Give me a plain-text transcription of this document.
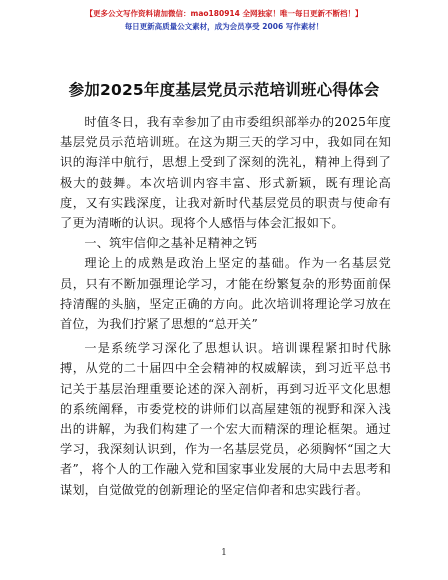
【更多公文写作资料请加微信：mao180914 全网独家！唯一每日更新不断档！】
每日更新高质量公文素材，成为会员享受 2006 写作素材！
参加2025年度基层党员示范培训班心得体会

时值冬日，我有幸参加了由市委组织部举办的2025年度基层党员示范培训班。在这为期三天的学习中，我如同在知识的海洋中航行，思想上受到了深刻的洗礼，精神上得到了极大的鼓舞。本次培训内容丰富、形式新颖，既有理论高度，又有实践深度，让我对新时代基层党员的职责与使命有了更为清晰的认识。现将个人感悟与体会汇报如下。

一、筑牢信仰之基补足精神之钙

理论上的成熟是政治上坚定的基础。作为一名基层党员，只有不断加强理论学习，才能在纷繁复杂的形势面前保持清醒的头脑，坚定正确的方向。此次培训将理论学习放在首位，为我们拧紧了思想的“总开关”

一是系统学习深化了思想认识。培训课程紧扣时代脉搏，从党的二十届四中全会精神的权威解读，到习近平总书记关于基层治理重要论述的深入剖析，再到习近平文化思想的系统阐释，市委党校的讲师们以高屋建瓴的视野和深入浅出的讲解，为我们构建了一个宏大而精深的理论框架。通过学习，我深刻认识到，作为一名基层党员，必须胸怀“国之大者”，将个人的工作融入党和国家事业发展的大局中去思考和谋划，自觉做党的创新理论的坚定信仰者和忠实践行者。

1
